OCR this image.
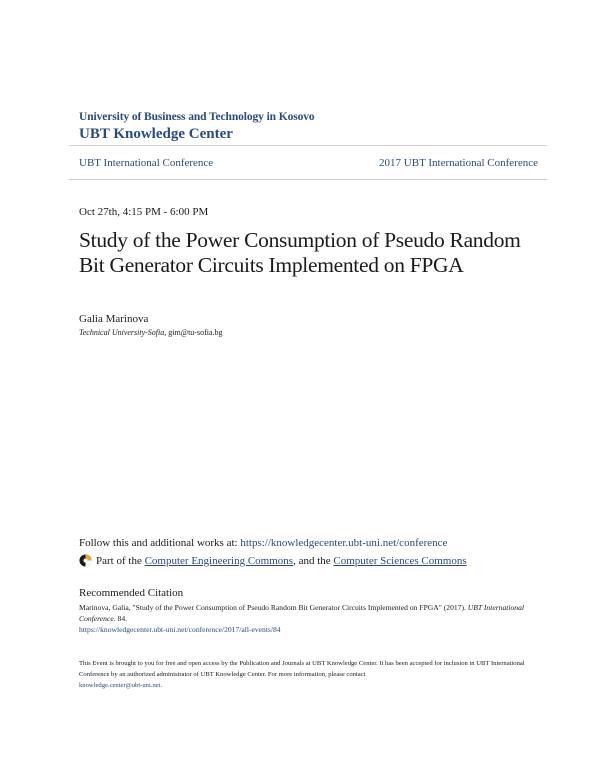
University of Business and Technology in Kosovo
UBT Knowledge Center
UBT International Conference	2017 UBT International Conference
Oct 27th, 4:15 PM - 6:00 PM
Study of the Power Consumption of Pseudo Random Bit Generator Circuits Implemented on FPGA
Galia Marinova
Technical University-Sofia, gim@tu-sofia.bg
Follow this and additional works at: https://knowledgecenter.ubt-uni.net/conference
Part of the
Computer Engineering Commons , and the
Computer Sciences Commons
Recommended Citation
Marinova, Galia, "Study of the Power Consumption of Pseudo Random Bit Generator Circuits Implemented on FPGA" (2017). UBT International Conference. 84.
https://knowledgecenter.ubt-uni.net/conference/2017/all-events/84
This Event is brought to you for free and open access by the Publication and Journals at UBT Knowledge Center. It has been accepted for inclusion in UBT International Conference by an authorized administrator of UBT Knowledge Center. For more information, please contact
knowledge.center@ubt-uni.net.
